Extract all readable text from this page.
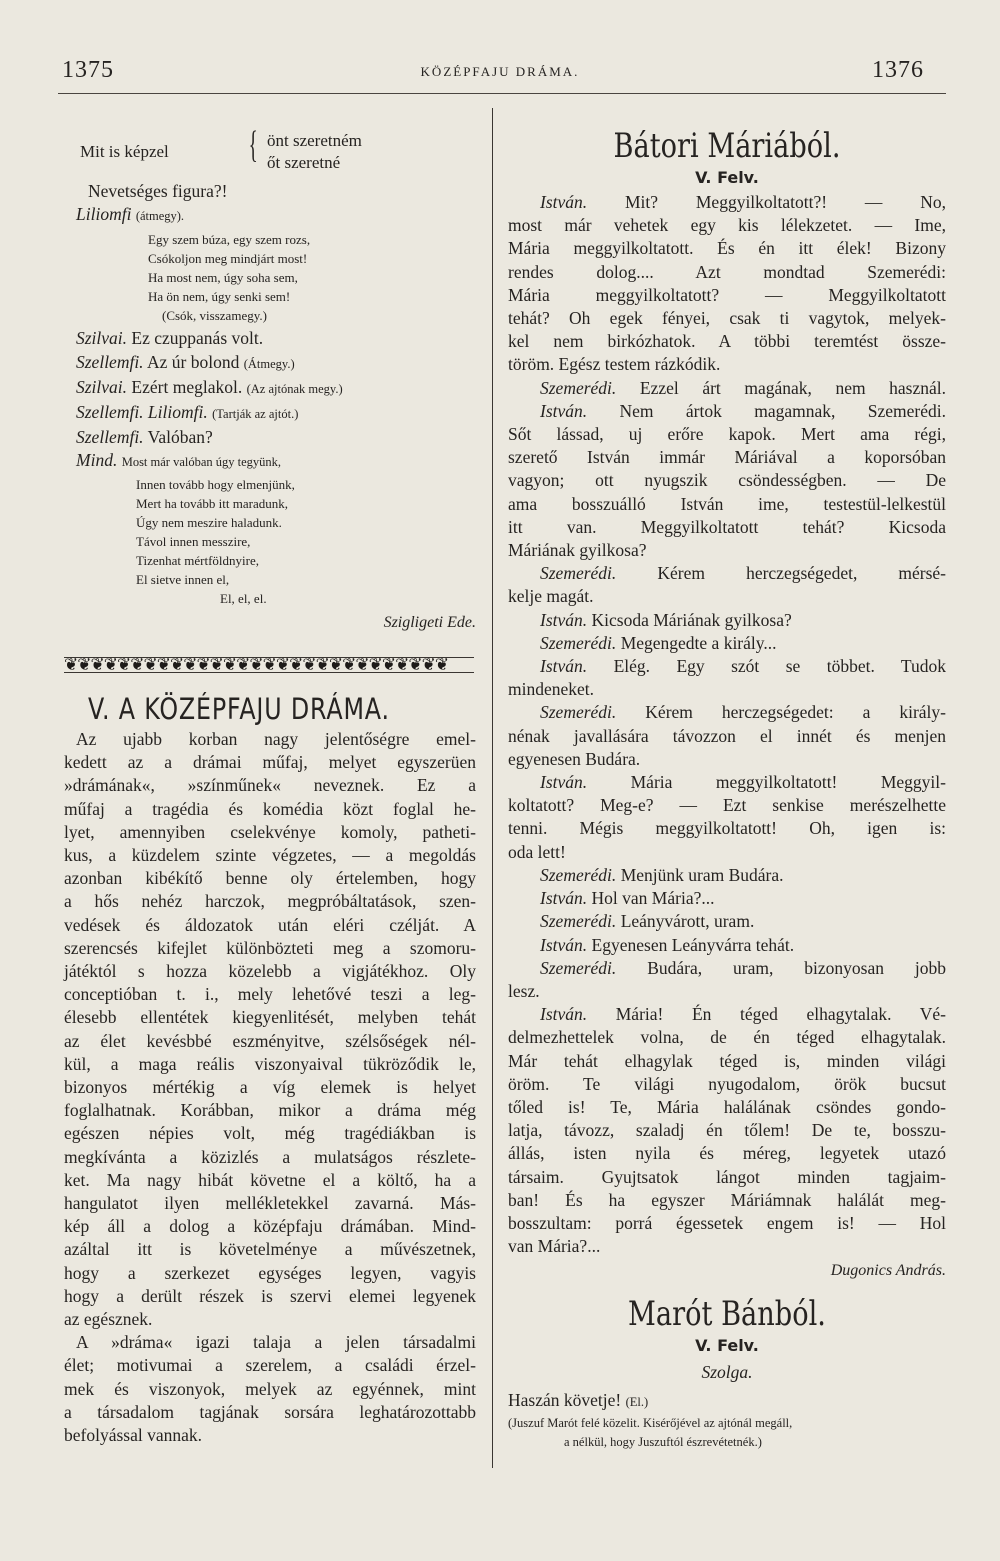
1375	KÖZÉPFAJU DRÁMA.	1376
Mit is képzel { önt szeretném
őt szeretné
Nevetséges figura?!
Liliomfi (átmegy).
Egy szem búza, egy szem rozs,
Csókoljon meg mindjárt most!
Ha most nem, úgy soha sem,
Ha ön nem, úgy senki sem!
(Csók, visszamegy.)
Szilvai. Ez czuppanás volt.
Szellemfi. Az úr bolond (Átmegy.)
Szilvai. Ezért meglakol. (Az ajtónak megy.)
Szellemfi. Liliomfi. (Tartják az ajtót.)
Szellemfi. Valóban?
Mind. Most már valóban úgy tegyünk,
Innen tovább hogy elmenjünk,
Mert ha tovább itt maradunk,
Úgy nem meszire haladunk.
Távol innen messzire,
Tizenhat mértföldnyire,
El sietve innen el,
El, el, el.
Szigligeti Ede.
❦❦❦❦❦❦❦❦❦❦❦❦❦❦❦❦❦❦❦❦❦❦❦❦❦❦❦❦❦
V. A KÖZÉPFAJU DRÁMA.
Az ujabb korban nagy jelentőségre emel-
kedett az a drámai műfaj, melyet egyszerüen
»drámának«, »színműnek« neveznek. Ez a
műfaj a tragédia és komédia közt foglal he-
lyet, amennyiben cselekvénye komoly, patheti-
kus, a küzdelem szinte végzetes, — a megoldás
azonban kibékítő benne oly értelemben, hogy
a hős nehéz harczok, megpróbáltatások, szen-
vedések és áldozatok után eléri czélját. A
szerencsés kifejlet különbözteti meg a szomoru-
játéktól s hozza közelebb a vigjátékhoz. Oly
conceptióban t. i., mely lehetővé teszi a leg-
élesebb ellentétek kiegyenlitését, melyben tehát
az élet kevésbbé eszményitve, szélsőségek nél-
kül, a maga reális viszonyaival tükröződik le,
bizonyos mértékig a víg elemek is helyet
foglalhatnak. Korábban, mikor a dráma még
egészen népies volt, még tragédiákban is
megkívánta a közizlés a mulatságos részlete-
ket. Ma nagy hibát követne el a költő, ha a
hangulatot ilyen mellékletekkel zavarná. Más-
kép áll a dolog a középfaju drámában. Mind-
azáltal itt is követelménye a művészetnek,
hogy a szerkezet egységes legyen, vagyis
hogy a derült részek is szervi elemei legyenek
az egésznek.
A »dráma« igazi talaja a jelen társadalmi
élet; motivumai a szerelem, a családi érzel-
mek és viszonyok, melyek az egyénnek, mint
a társadalom tagjának sorsára leghatározottabb
befolyással vannak.
Bátori Máriából.
V. Felv.
István. Mit? Meggyilkoltatott?! — No,
most már vehetek egy kis lélekzetet. — Ime,
Mária meggyilkoltatott. És én itt élek! Bizony
rendes dolog.... Azt mondtad Szemerédi:
Mária meggyilkoltatott? — Meggyilkoltatott
tehát? Oh egek fényei, csak ti vagytok, melyek-
kel nem birkózhatok. A többi teremtést össze-
töröm. Egész testem rázkódik.
Szemerédi. Ezzel árt magának, nem használ.
István. Nem ártok magamnak, Szemerédi.
Sőt lássad, uj erőre kapok. Mert ama régi,
szerető István immár Máriával a koporsóban
vagyon; ott nyugszik csöndességben. — De
ama bosszuálló István ime, testestül-lelkestül
itt van. Meggyilkoltatott tehát? Kicsoda
Máriának gyilkosa?
Szemerédi. Kérem herczegségedet, mérsé-
kelje magát.
István. Kicsoda Máriának gyilkosa?
Szemerédi. Megengedte a király...
István. Elég. Egy szót se többet. Tudok
mindeneket.
Szemerédi. Kérem herczegségedet: a király-
nénak javallására távozzon el innét és menjen
egyenesen Budára.
István. Mária meggyilkoltatott! Meggyil-
koltatott? Meg-e? — Ezt senkise merészelhette
tenni. Mégis meggyilkoltatott! Oh, igen is:
oda lett!
Szemerédi. Menjünk uram Budára.
István. Hol van Mária?...
Szemerédi. Leányvárott, uram.
István. Egyenesen Leányvárra tehát.
Szemerédi. Budára, uram, bizonyosan jobb
lesz.
István. Mária! Én téged elhagytalak. Vé-
delmezhettelek volna, de én téged elhagytalak.
Már tehát elhagylak téged is, minden világi
öröm. Te világi nyugodalom, örök bucsut
tőled is! Te, Mária halálának csöndes gondo-
latja, távozz, szaladj én tőlem! De te, bosszu-
állás, isten nyila és méreg, legyetek utazó
társaim. Gyujtsatok lángot minden tagjaim-
ban! És ha egyszer Máriámnak halálát meg-
bosszultam: porrá égessetek engem is! — Hol
van Mária?...
Dugonics András.
Marót Bánból.
V. Felv.
Szolga.
Haszán követje! (El.)
(Juszuf Marót felé közelit. Kisérőjével az ajtónál megáll,
a nélkül, hogy Juszuftól észrevétetnék.)
